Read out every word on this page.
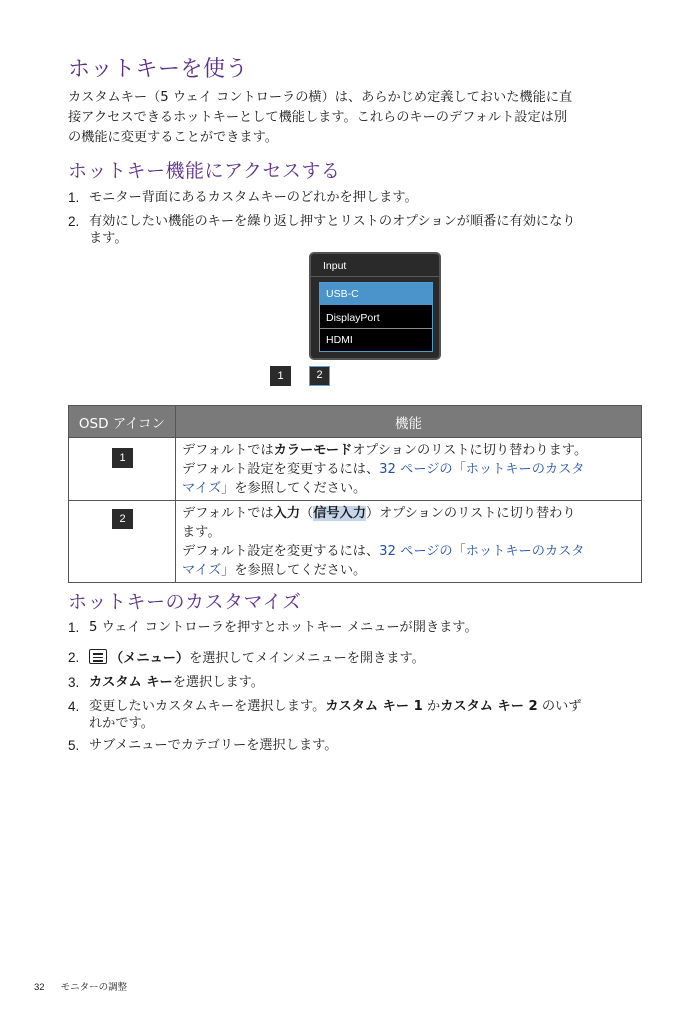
ホットキーを使う
カスタムキー（5 ウェイ コントローラの横）は、あらかじめ定義しておいた機能に直
接アクセスできるホットキーとして機能します。これらのキーのデフォルト設定は別
の機能に変更することができます。
ホットキー機能にアクセスする
1. モニター背面にあるカスタムキーのどれかを押します。
2. 有効にしたい機能のキーを繰り返し押すとリストのオプションが順番に有効になり
ます。
Input
USB-C
DisplayPort
HDMI
1	2
OSD アイコン	機能

1	デフォルトではカラーモードオプションのリストに切り替わります。
デフォルト設定を変更するには、32 ページの「ホットキーのカスタ
マイズ」を参照してください。

2	デフォルトでは入力（信号入力）オプションのリストに切り替わり
ます。
デフォルト設定を変更するには、32 ページの「ホットキーのカスタ
マイズ」を参照してください。
ホットキーのカスタマイズ
1. 5 ウェイ コントローラを押すとホットキー メニューが開きます。
2.	（メニュー）を選択してメインメニューを開きます。
3. カスタム キーを選択します。
4. 変更したいカスタムキーを選択します。カスタム キー 1 かカスタム キー 2 のいず
れかです。
5. サブメニューでカテゴリーを選択します。
32 モニターの調整
